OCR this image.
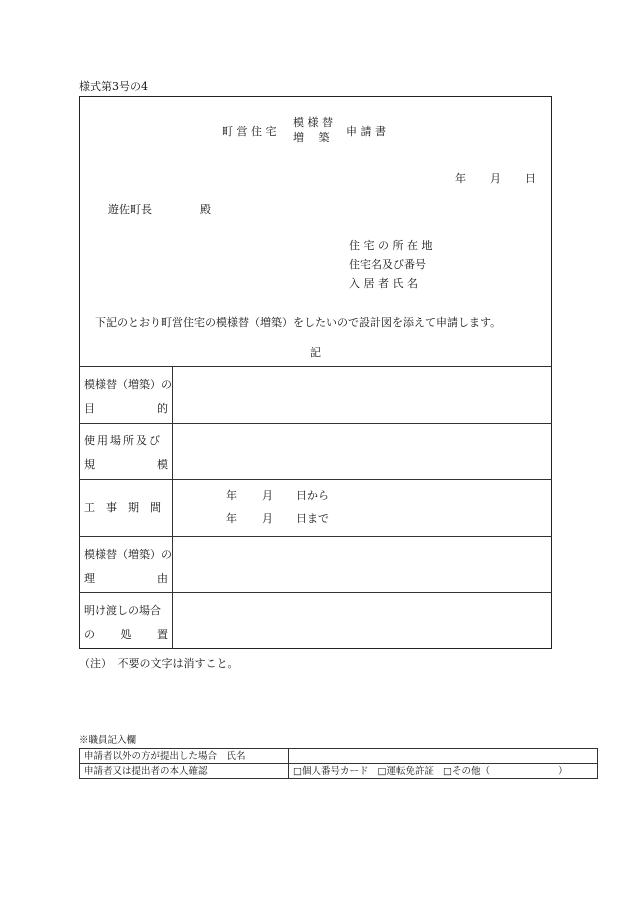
様式第3号の4
町 営 住 宅
模 様 替
増　 築 申 請 書
年 月 日
遊佐町長	殿
住 宅 の 所 在 地
住宅名及び番号
入 居 者 氏 名
下記のとおり町営住宅の模様替（増築）をしたいので設計図を添えて申請します。
記
模様替（増築）の
目	的
使用場所及び
規	模
工　事　期　間
年 月 日から
年 月 日まで
模様替（増築）の
理	由
明け渡しの場合
の 処 置
（注）　不要の文字は消すこと。
※職員記入欄
申請者以外の方が提出した場合　氏名	
申請者又は提出者の本人確認	□個人番号カード □運転免許証 □その他（ ）
